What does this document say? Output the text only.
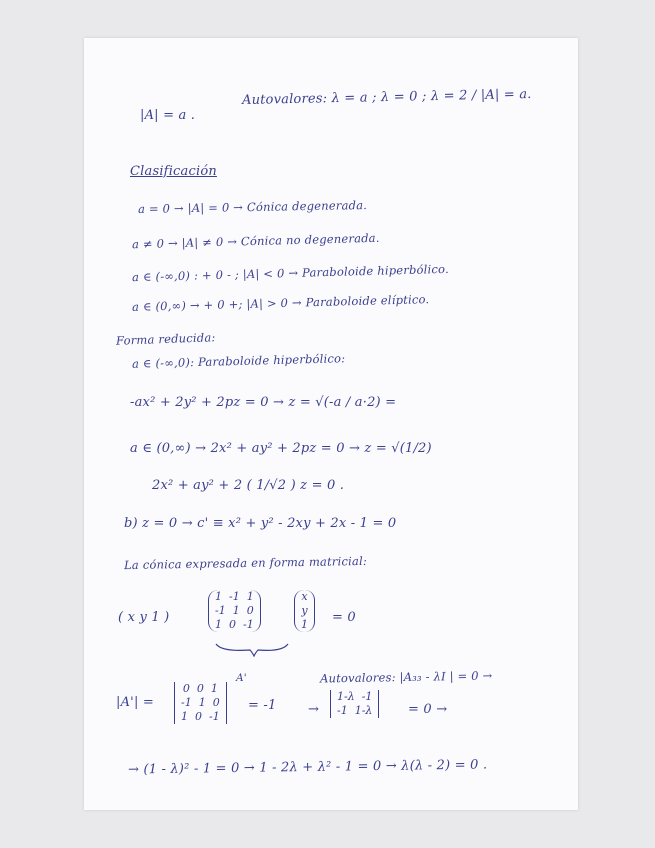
|A| = a .
Autovalores: λ = a ; λ = 0 ; λ = 2 / |A| = a.
Clasificación
a = 0 → |A| = 0 → Cónica degenerada.
a ≠ 0 → |A| ≠ 0 → Cónica no degenerada.
a ∈ (-∞,0) : + 0 - ; |A| < 0 → Paraboloide hiperbólico.
a ∈ (0,∞) → + 0 +; |A| > 0 → Paraboloide elíptico.
Forma reducida:
a ∈ (-∞,0): Paraboloide hiperbólico:
-ax² + 2y² + 2pz = 0 → z = √(-a / a·2) =
a ∈ (0,∞) → 2x² + ay² + 2pz = 0 → z = √(1/2)
2x² + ay² + 2 ( 1/√2 ) z = 0 .
b) z = 0 → c' ≡ x² + y² - 2xy + 2x - 1 = 0
La cónica expresada en forma matricial:
( x y 1 )
1 -1 1
-1 1 0
1 0 -1
x
y
1 = 0
A'	Autovalores: |A₃₃ - λI | = 0 →
|A'| =
0 0 1
-1 1 0
1 0 -1
= -1 →
1-λ -1
-1 1-λ	= 0 →
→ (1 - λ)² - 1 = 0 → 1 - 2λ + λ² - 1 = 0 → λ(λ - 2) = 0 .
